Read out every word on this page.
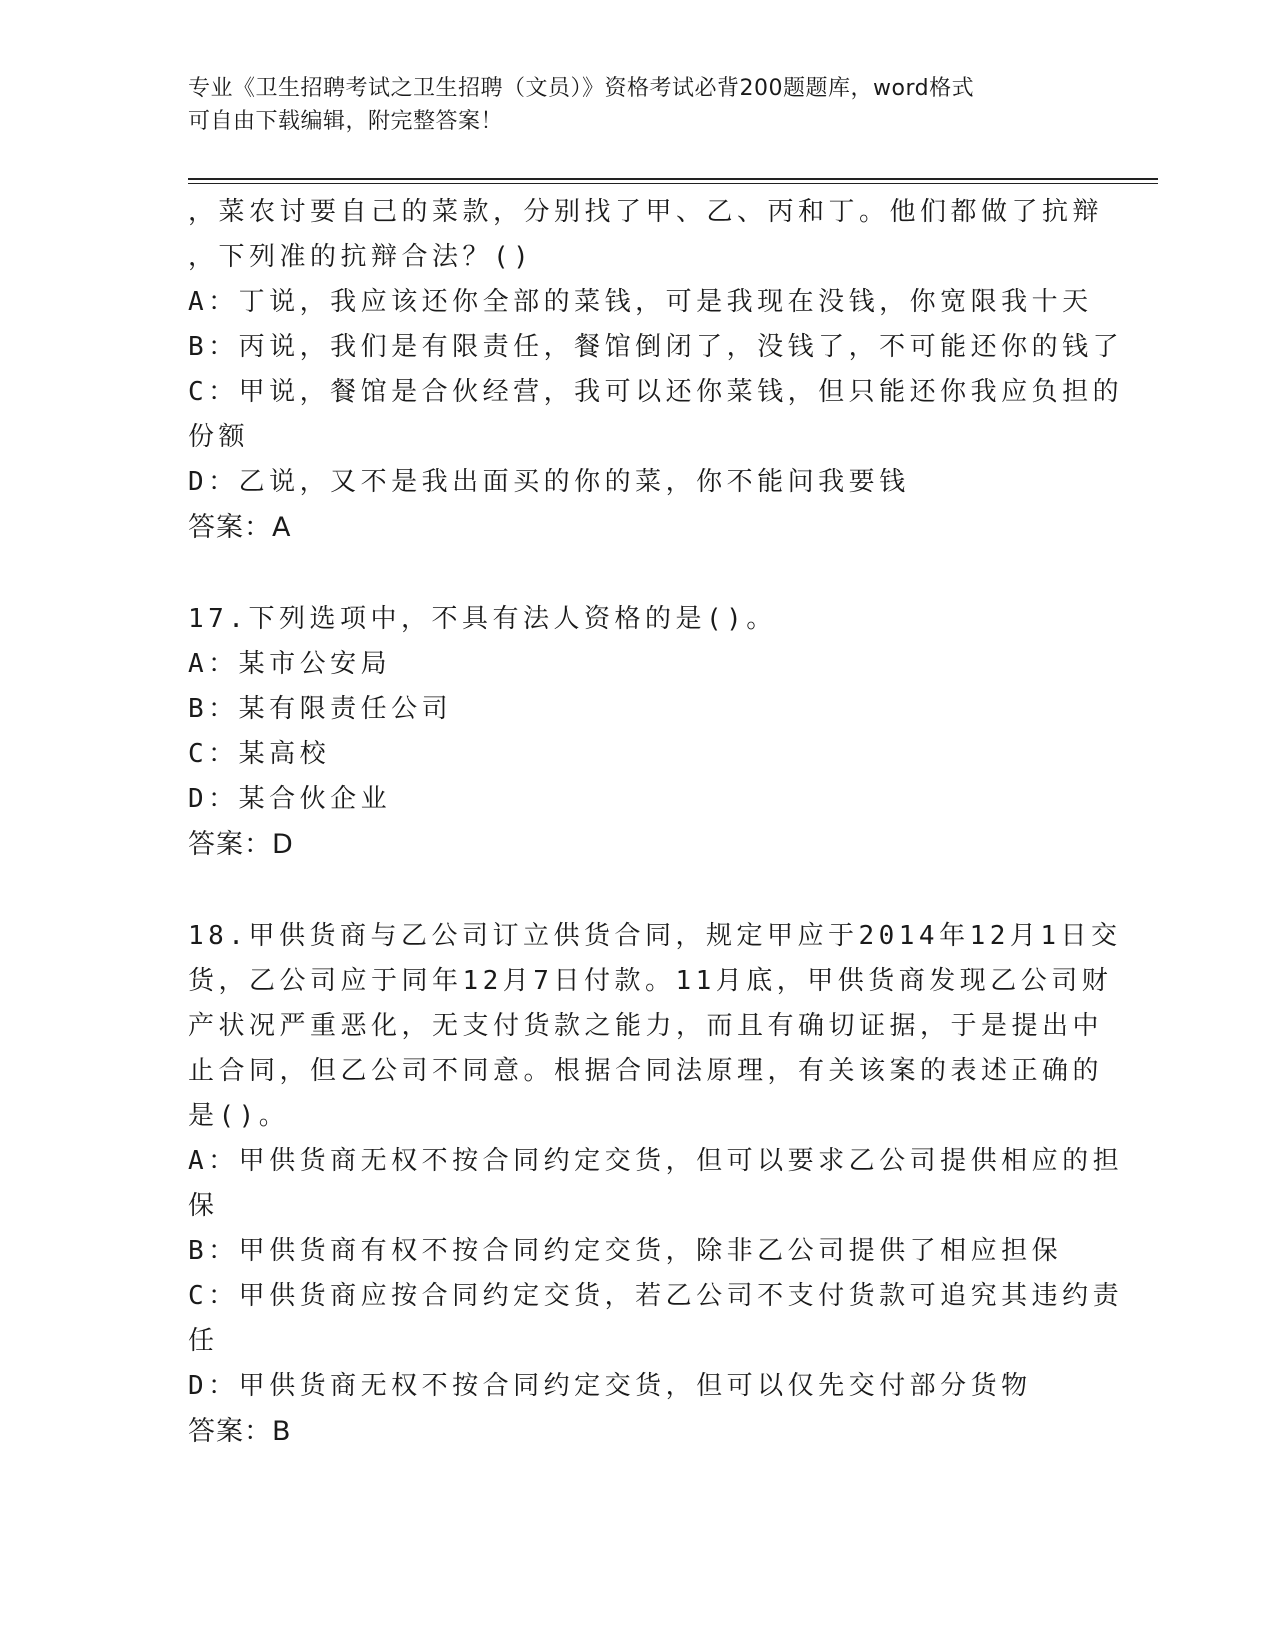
专业《卫生招聘考试之卫生招聘（文员）》资格考试必背200题题库，word格式
可自由下载编辑，附完整答案！
，菜农讨要自己的菜款，分别找了甲、乙、丙和丁。他们都做了抗辩
，下列准的抗辩合法？()
A：丁说，我应该还你全部的菜钱，可是我现在没钱，你宽限我十天
B：丙说，我们是有限责任，餐馆倒闭了，没钱了，不可能还你的钱了
C：甲说，餐馆是合伙经营，我可以还你菜钱，但只能还你我应负担的
份额
D：乙说，又不是我出面买的你的菜，你不能问我要钱
答案：A
17.下列选项中，不具有法人资格的是()。
A：某市公安局
B：某有限责任公司
C：某高校
D：某合伙企业
答案：D
18.甲供货商与乙公司订立供货合同，规定甲应于2014年12月1日交
货，乙公司应于同年12月7日付款。11月底，甲供货商发现乙公司财
产状况严重恶化，无支付货款之能力，而且有确切证据，于是提出中
止合同，但乙公司不同意。根据合同法原理，有关该案的表述正确的
是()。
A：甲供货商无权不按合同约定交货，但可以要求乙公司提供相应的担
保
B：甲供货商有权不按合同约定交货，除非乙公司提供了相应担保
C：甲供货商应按合同约定交货，若乙公司不支付货款可追究其违约责
任
D：甲供货商无权不按合同约定交货，但可以仅先交付部分货物
答案：B
